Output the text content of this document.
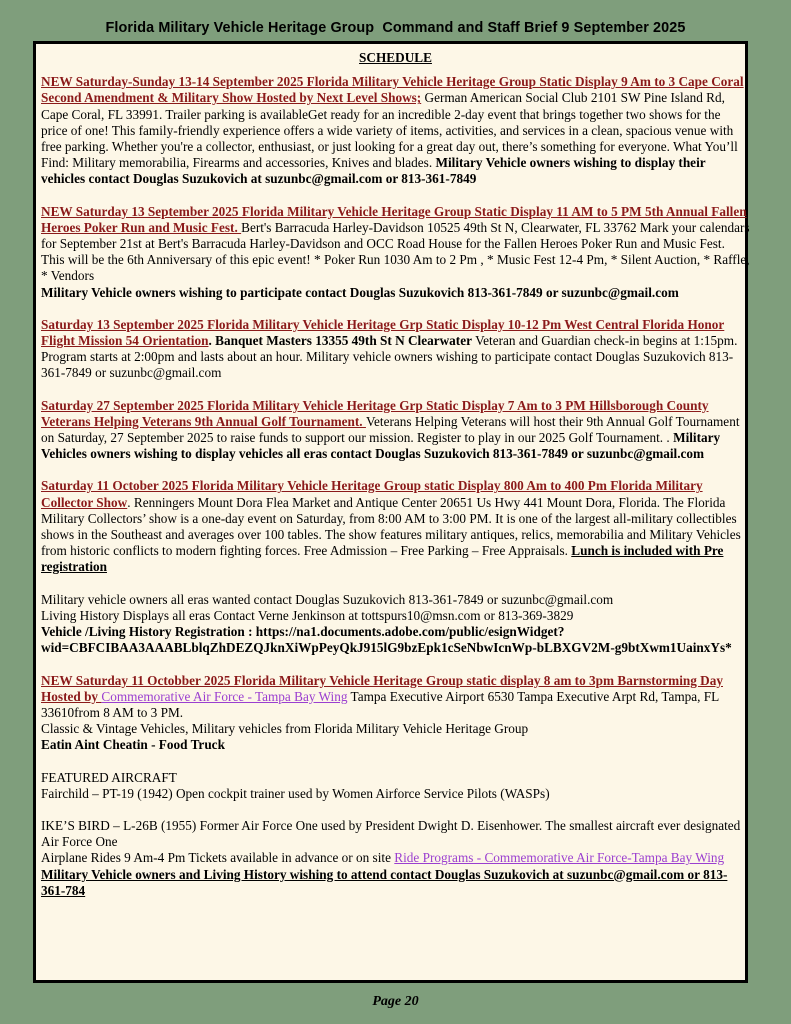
Florida Military Vehicle Heritage Group  Command and Staff Brief 9 September 2025
SCHEDULE
NEW Saturday-Sunday 13-14 September 2025 Florida Military Vehicle Heritage Group Static Display 9 Am to 3 Cape Coral Second Amendment & Military Show Hosted by Next Level Shows; German American Social Club 2101 SW Pine Island Rd, Cape Coral, FL 33991. Trailer parking is availableGet ready for an incredible 2-day event that brings together two shows for the price of one! This family-friendly experience offers a wide variety of items, activities, and services in a clean, spacious venue with free parking. Whether you're a collector, enthusiast, or just looking for a great day out, there’s something for everyone. What You’ll Find: Military memorabilia, Firearms and accessories, Knives and blades. Military Vehicle owners wishing to display their vehicles contact Douglas Suzukovich at suzunbc@gmail.com or 813-361-7849
NEW Saturday 13 September 2025 Florida Military Vehicle Heritage Group Static Display 11 AM to 5 PM 5th Annual Fallen Heroes Poker Run and Music Fest. Bert's Barracuda Harley-Davidson 10525 49th St N, Clearwater, FL 33762 Mark your calendars for September 21st at Bert's Barracuda Harley-Davidson and OCC Road House for the Fallen Heroes Poker Run and Music Fest. This will be the 6th Anniversary of this epic event! * Poker Run 1030 Am to 2 Pm , * Music Fest 12-4 Pm, * Silent Auction, * Raffle, * Vendors
Military Vehicle owners wishing to participate contact Douglas Suzukovich 813-361-7849 or suzunbc@gmail.com
Saturday 13 September 2025 Florida Military Vehicle Heritage Grp Static Display 10-12 Pm West Central Florida Honor Flight Mission 54 Orientation. Banquet Masters 13355 49th St N Clearwater Veteran and Guardian check-in begins at 1:15pm. Program starts at 2:00pm and lasts about an hour. Military vehicle owners wishing to participate contact Douglas Suzukovich 813-361-7849 or suzunbc@gmail.com
Saturday 27 September 2025 Florida Military Vehicle Heritage Grp Static Display 7 Am to 3 PM Hillsborough County Veterans Helping Veterans 9th Annual Golf Tournament. Veterans Helping Veterans will host their 9th Annual Golf Tournament on Saturday, 27 September 2025 to raise funds to support our mission. Register to play in our 2025 Golf Tournament. . Military Vehicles owners wishing to display vehicles all eras contact Douglas Suzukovich 813-361-7849 or suzunbc@gmail.com
Saturday 11 October 2025 Florida Military Vehicle Heritage Group static Display 800 Am to 400 Pm Florida Military Collector Show. Renningers Mount Dora Flea Market and Antique Center 20651 Us Hwy 441 Mount Dora, Florida. The Florida Military Collectors’ show is a one-day event on Saturday, from 8:00 AM to 3:00 PM. It is one of the largest all-military collectibles shows in the Southeast and averages over 100 tables. The show features military antiques, relics, memorabilia and Military Vehicles from historic conflicts to modern fighting forces. Free Admission – Free Parking – Free Appraisals. Lunch is included with Pre registration
Military vehicle owners all eras wanted contact Douglas Suzukovich 813-361-7849 or suzunbc@gmail.com
Living History Displays all eras Contact Verne Jenkinson at tottspurs10@msn.com or 813-369-3829
Vehicle /Living History Registration : https://na1.documents.adobe.com/public/esignWidget?wid=CBFCIBAA3AAABLblqZhDEZQJknXiWpPeyQkJ915lG9bzEpk1cSeNbwIcnWp-bLBXGV2M-g9btXwm1UainxYs*
NEW Saturday 11 Octobber 2025 Florida Military Vehicle Heritage Group static display 8 am to 3pm Barnstorming Day Hosted by Commemorative Air Force - Tampa Bay Wing Tampa Executive Airport 6530 Tampa Executive Arpt Rd, Tampa, FL 33610from 8 AM to 3 PM.
Classic & Vintage Vehicles, Military vehicles from Florida Military Vehicle Heritage Group
Eatin Aint Cheatin - Food Truck
FEATURED AIRCRAFT
Fairchild – PT-19 (1942) Open cockpit trainer used by Women Airforce Service Pilots (WASPs)
IKE’S BIRD – L-26B (1955) Former Air Force One used by President Dwight D. Eisenhower. The smallest aircraft ever designated Air Force One
Airplane Rides 9 Am-4 Pm Tickets available in advance or on site Ride Programs - Commemorative Air Force-Tampa Bay Wing  Military Vehicle owners and Living History wishing to attend contact Douglas Suzukovich at suzunbc@gmail.com or 813-361-784
Page 20
